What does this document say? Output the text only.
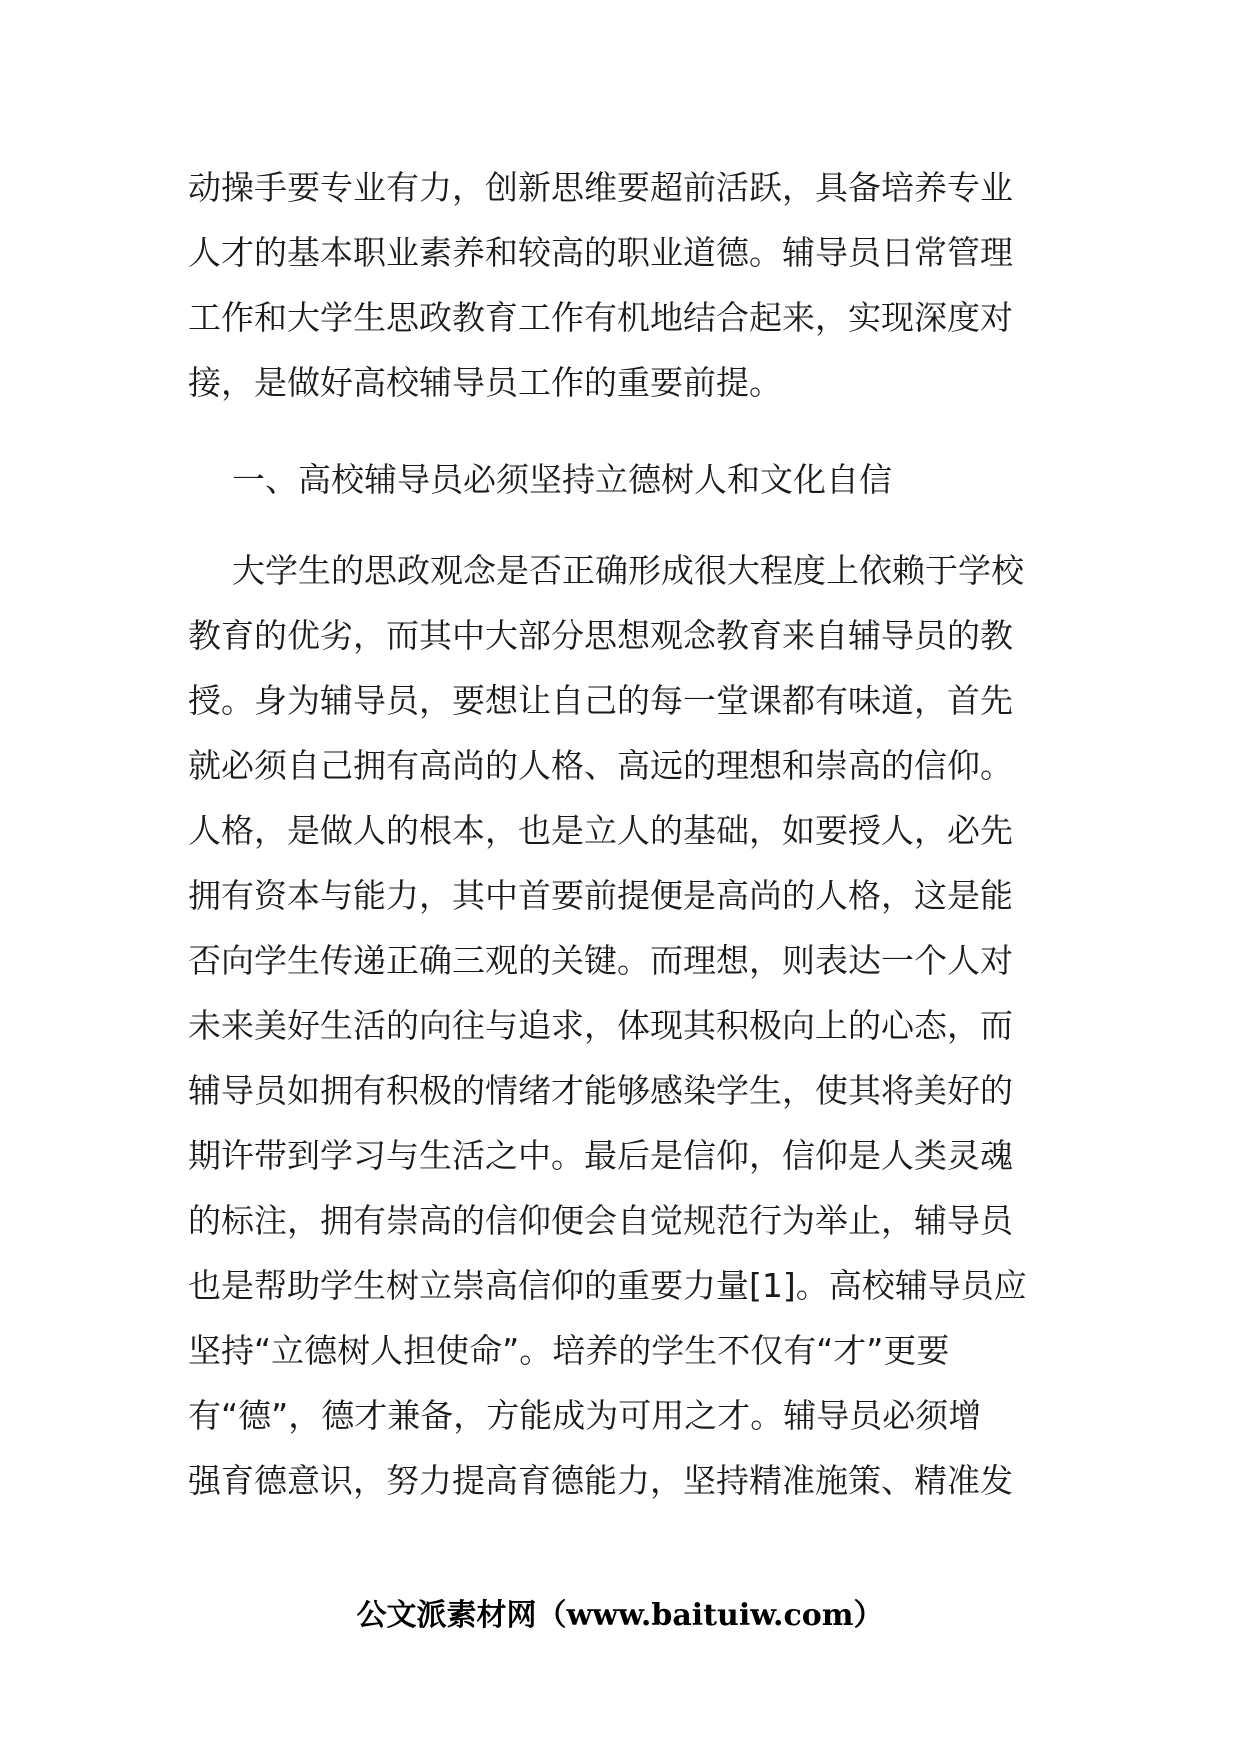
动操手要专业有力，创新思维要超前活跃，具备培养专业
人才的基本职业素养和较高的职业道德。辅导员日常管理
工作和大学生思政教育工作有机地结合起来，实现深度对
接，是做好高校辅导员工作的重要前提。
一、高校辅导员必须坚持立德树人和文化自信
大学生的思政观念是否正确形成很大程度上依赖于学校
教育的优劣，而其中大部分思想观念教育来自辅导员的教
授。身为辅导员，要想让自己的每一堂课都有味道，首先
就必须自己拥有高尚的人格、高远的理想和崇高的信仰。
人格，是做人的根本，也是立人的基础，如要授人，必先
拥有资本与能力，其中首要前提便是高尚的人格，这是能
否向学生传递正确三观的关键。而理想，则表达一个人对
未来美好生活的向往与追求，体现其积极向上的心态，而
辅导员如拥有积极的情绪才能够感染学生，使其将美好的
期许带到学习与生活之中。最后是信仰，信仰是人类灵魂
的标注，拥有崇高的信仰便会自觉规范行为举止，辅导员
也是帮助学生树立崇高信仰的重要力量[1]。高校辅导员应
坚持“立德树人担使命”。培养的学生不仅有“才”更要
有“德”，德才兼备，方能成为可用之才。辅导员必须增
强育德意识，努力提高育德能力，坚持精准施策、精准发
公文派素材网（www.baituiw.com）
